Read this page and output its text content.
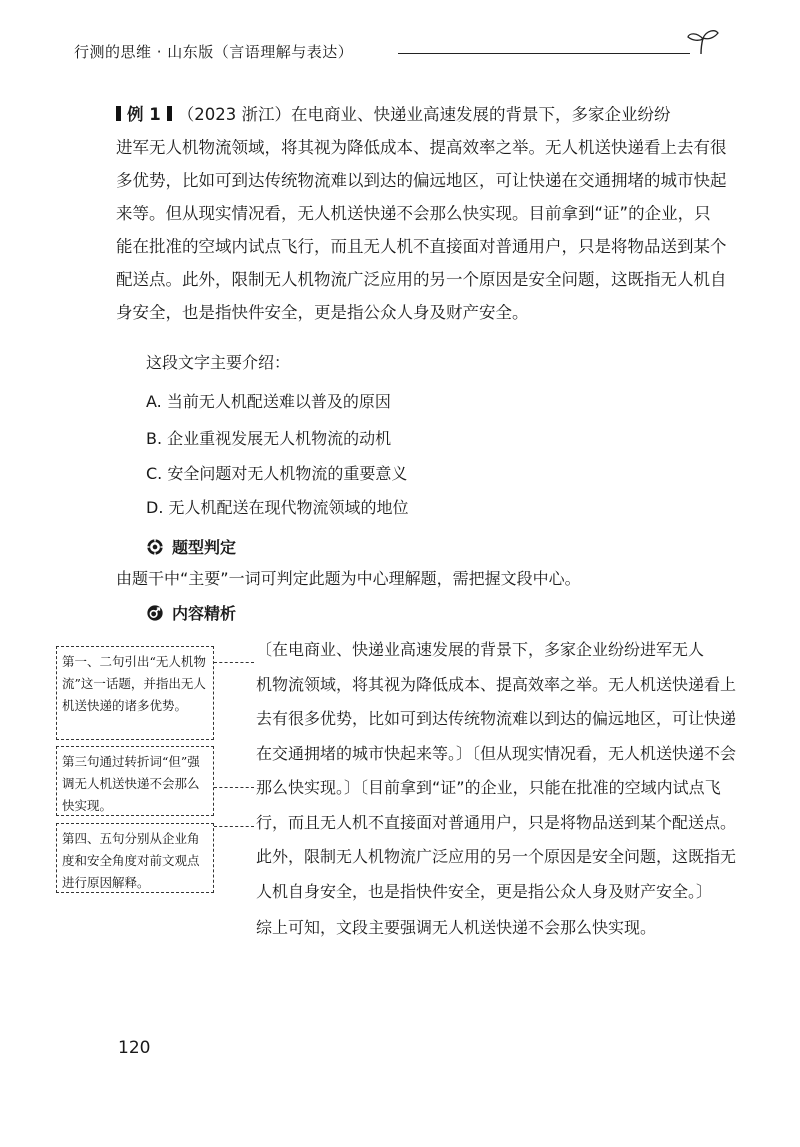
行测的思维 · 山东版（言语理解与表达）
例 1 （2023 浙江）在电商业、快递业高速发展的背景下，多家企业纷纷
进军无人机物流领域，将其视为降低成本、提高效率之举。无人机送快递看上去有很
多优势，比如可到达传统物流难以到达的偏远地区，可让快递在交通拥堵的城市快起
来等。但从现实情况看，无人机送快递不会那么快实现。目前拿到“证”的企业，只
能在批准的空域内试点飞行，而且无人机不直接面对普通用户，只是将物品送到某个
配送点。此外，限制无人机物流广泛应用的另一个原因是安全问题，这既指无人机自
身安全，也是指快件安全，更是指公众人身及财产安全。
这段文字主要介绍：
A. 当前无人机配送难以普及的原因
B. 企业重视发展无人机物流的动机
C. 安全问题对无人机物流的重要意义
D. 无人机配送在现代物流领域的地位
题型判定
由题干中“主要”一词可判定此题为中心理解题，需把握文段中心。
内容精析
第一、二句引出“无人机物流”这一话题，并指出无人机送快递的诸多优势。
第三句通过转折词“但”强调无人机送快递不会那么快实现。
第四、五句分别从企业角度和安全角度对前文观点进行原因解释。
〔在电商业、快递业高速发展的背景下，多家企业纷纷进军无人
机物流领域，将其视为降低成本、提高效率之举。无人机送快递看上
去有很多优势，比如可到达传统物流难以到达的偏远地区，可让快递
在交通拥堵的城市快起来等。〕〔但从现实情况看，无人机送快递不会
那么快实现。〕〔目前拿到“证”的企业，只能在批准的空域内试点飞
行，而且无人机不直接面对普通用户，只是将物品送到某个配送点。
此外，限制无人机物流广泛应用的另一个原因是安全问题，这既指无
人机自身安全，也是指快件安全，更是指公众人身及财产安全。〕
综上可知，文段主要强调无人机送快递不会那么快实现。
120
